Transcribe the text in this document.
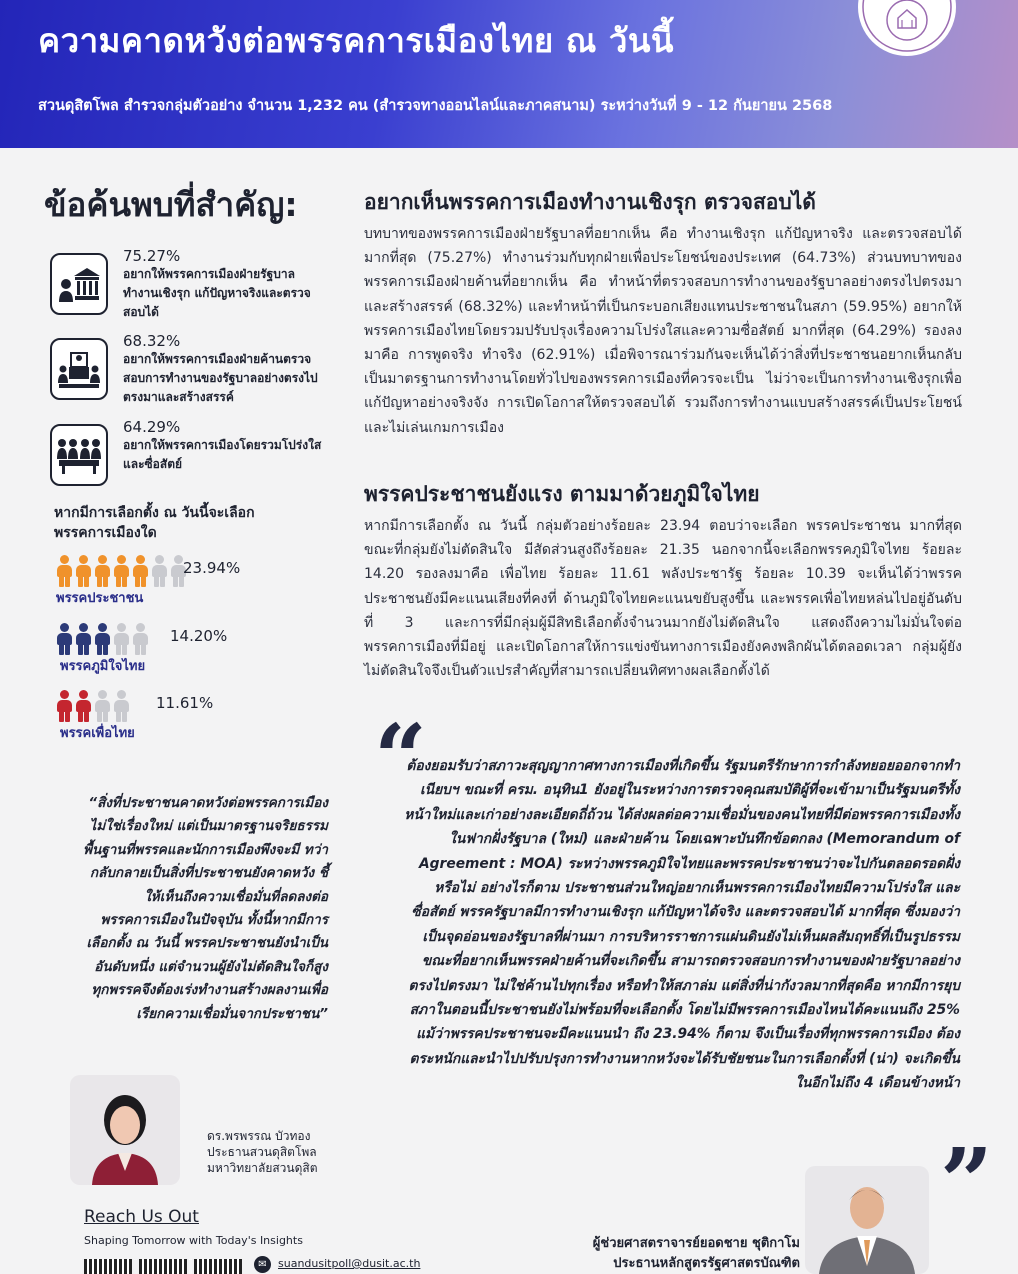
ความคาดหวังต่อพรรคการเมืองไทย ณ วันนี้
สวนดุสิตโพล สำรวจกลุ่มตัวอย่าง จำนวน 1,232 คน (สำรวจทางออนไลน์และภาคสนาม) ระหว่างวันที่ 9 - 12 กันยายน 2568
ข้อค้นพบที่สำคัญ:
75.27%
อยากให้พรรคการเมืองฝ่ายรัฐบาลทำงานเชิงรุก แก้ปัญหาจริงและตรวจสอบได้
68.32%
อยากให้พรรคการเมืองฝ่ายค้านตรวจสอบการทำงานของรัฐบาลอย่างตรงไปตรงมาและสร้างสรรค์
64.29%
อยากให้พรรคการเมืองโดยรวมโปร่งใสและซื่อสัตย์
หากมีการเลือกตั้ง ณ วันนี้จะเลือกพรรคการเมืองใด
23.94%
พรรคประชาชน
14.20%
พรรคภูมิใจไทย
11.61%
พรรคเพื่อไทย
“สิ่งที่ประชาชนคาดหวังต่อพรรคการเมืองไม่ใช่เรื่องใหม่ แต่เป็นมาตรฐานจริยธรรมพื้นฐานที่พรรคและนักการเมืองพึงจะมี ทว่ากลับกลายเป็นสิ่งที่ประชาชนยังคาดหวัง ชี้ให้เห็นถึงความเชื่อมั่นที่ลดลงต่อพรรคการเมืองในปัจจุบัน ทั้งนี้หากมีการเลือกตั้ง ณ วันนี้ พรรคประชาชนยังนำเป็นอันดับหนึ่ง แต่จำนวนผู้ยังไม่ตัดสินใจก็สูง ทุกพรรคจึงต้องเร่งทำงานสร้างผลงานเพื่อเรียกความเชื่อมั่นจากประชาชน”
ดร.พรพรรณ บัวทอง
ประธานสวนดุสิตโพล
มหาวิทยาลัยสวนดุสิต
Reach Us Out
Shaping Tomorrow with Today's Insights
✉	suandusitpoll@dusit.ac.th
อยากเห็นพรรคการเมืองทำงานเชิงรุก ตรวจสอบได้
บทบาทของพรรคการเมืองฝ่ายรัฐบาลที่อยากเห็น คือ ทำงานเชิงรุก แก้ปัญหาจริง และตรวจสอบได้มากที่สุด (75.27%) ทำงานร่วมกับทุกฝ่ายเพื่อประโยชน์ของประเทศ (64.73%) ส่วนบทบาทของพรรคการเมืองฝ่ายค้านที่อยากเห็น คือ ทำหน้าที่ตรวจสอบการทำงานของรัฐบาลอย่างตรงไปตรงมาและสร้างสรรค์ (68.32%) และทำหน้าที่เป็นกระบอกเสียงแทนประชาชนในสภา (59.95%) อยากให้พรรคการเมืองไทยโดยรวมปรับปรุงเรื่องความโปร่งใสและความซื่อสัตย์ มากที่สุด (64.29%) รองลงมาคือ การพูดจริง ทำจริง (62.91%) เมื่อพิจารณาร่วมกันจะเห็นได้ว่าสิ่งที่ประชาชนอยากเห็นกลับเป็นมาตรฐานการทำงานโดยทั่วไปของพรรคการเมืองที่ควรจะเป็น ไม่ว่าจะเป็นการทำงานเชิงรุกเพื่อแก้ปัญหาอย่างจริงจัง การเปิดโอกาสให้ตรวจสอบได้ รวมถึงการทำงานแบบสร้างสรรค์เป็นประโยชน์และไม่เล่นเกมการเมือง
พรรคประชาชนยังแรง ตามมาด้วยภูมิใจไทย
หากมีการเลือกตั้ง ณ วันนี้ กลุ่มตัวอย่างร้อยละ 23.94 ตอบว่าจะเลือก พรรคประชาชน มากที่สุด ขณะที่กลุ่มยังไม่ตัดสินใจ มีสัดส่วนสูงถึงร้อยละ 21.35 นอกจากนี้จะเลือกพรรคภูมิใจไทย ร้อยละ 14.20 รองลงมาคือ เพื่อไทย ร้อยละ 11.61 พลังประชารัฐ ร้อยละ 10.39 จะเห็นได้ว่าพรรคประชาชนยังมีคะแนนเสียงที่คงที่ ด้านภูมิใจไทยคะแนนขยับสูงขึ้น และพรรคเพื่อไทยหล่นไปอยู่อันดับที่ 3 และการที่มีกลุ่มผู้มีสิทธิเลือกตั้งจำนวนมากยังไม่ตัดสินใจ แสดงถึงความไม่มั่นใจต่อพรรคการเมืองที่มีอยู่ และเปิดโอกาสให้การแข่งขันทางการเมืองยังคงพลิกผันได้ตลอดเวลา กลุ่มผู้ยังไม่ตัดสินใจจึงเป็นตัวแปรสำคัญที่สามารถเปลี่ยนทิศทางผลเลือกตั้งได้
“
ต้องยอมรับว่าสภาวะสุญญากาศทางการเมืองที่เกิดขึ้น รัฐมนตรีรักษาการกำลังทยอยออกจากทำเนียบฯ ขณะที่ ครม. อนุทิน1 ยังอยู่ในระหว่างการตรวจคุณสมบัติผู้ที่จะเข้ามาเป็นรัฐมนตรีทั้งหน้าใหม่และเก่าอย่างละเอียดถี่ถ้วน ได้ส่งผลต่อความเชื่อมั่นของคนไทยที่มีต่อพรรคการเมืองทั้งในฟากฝั่งรัฐบาล (ใหม่) และฝ่ายค้าน โดยเฉพาะบันทึกข้อตกลง (Memorandum of Agreement : MOA) ระหว่างพรรคภูมิใจไทยและพรรคประชาชนว่าจะไปกันตลอดรอดฝั่งหรือไม่ อย่างไรก็ตาม ประชาชนส่วนใหญ่อยากเห็นพรรคการเมืองไทยมีความโปร่งใส และซื่อสัตย์ พรรครัฐบาลมีการทำงานเชิงรุก แก้ปัญหาได้จริง และตรวจสอบได้ มากที่สุด ซึ่งมองว่าเป็นจุดอ่อนของรัฐบาลที่ผ่านมา การบริหารราชการแผ่นดินยังไม่เห็นผลสัมฤทธิ์ที่เป็นรูปธรรมขณะที่อยากเห็นพรรคฝ่ายค้านที่จะเกิดขึ้น สามารถตรวจสอบการทำงานของฝ่ายรัฐบาลอย่างตรงไปตรงมา ไม่ใช่ค้านไปทุกเรื่อง หรือทำให้สภาล่ม แต่สิ่งที่น่ากังวลมากที่สุดคือ หากมีการยุบสภาในตอนนี้ประชาชนยังไม่พร้อมที่จะเลือกตั้ง โดยไม่มีพรรคการเมืองไหนได้คะแนนถึง 25% แม้ว่าพรรคประชาชนจะมีคะแนนนำ ถึง 23.94% ก็ตาม จึงเป็นเรื่องที่ทุกพรรคการเมือง ต้องตระหนักและนำไปปรับปรุงการทำงานหากหวังจะได้รับชัยชนะในการเลือกตั้งที่ (น่า) จะเกิดขึ้นในอีกไม่ถึง 4 เดือนข้างหน้า
”
ผู้ช่วยศาสตราจารย์ยอดชาย ชุติกาโม
ประธานหลักสูตรรัฐศาสตรบัณฑิต
